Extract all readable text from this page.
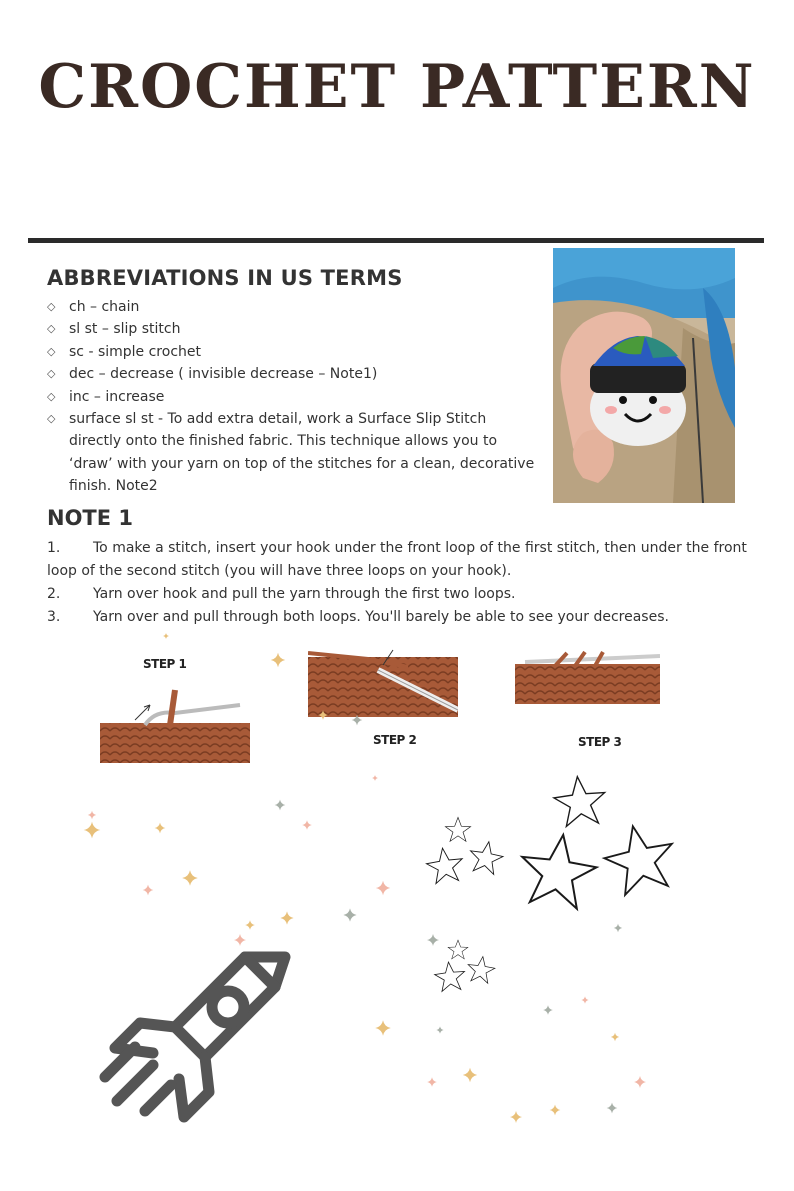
CROCHET PATTERN
ABBREVIATIONS IN US TERMS
◇ ch – chain
◇ sl st – slip stitch
◇ sc - simple crochet
◇ dec – decrease ( invisible decrease – Note1)
◇ inc – increase
◇ surface sl st - To add extra detail, work a Surface Slip Stitch directly onto the finished fabric. This technique allows you to ‘draw’ with your yarn on top of the stitches for a clean, decorative finish. Note2
NOTE 1
1. To make a stitch, insert your hook under the front loop of the first stitch, then under the front loop of the second stitch (you will have three loops on your hook).
2. Yarn over hook and pull the yarn through the first two loops.
3. Yarn over and pull through both loops. You'll barely be able to see your decreases.
STEP 1
STEP 2	STEP 3
